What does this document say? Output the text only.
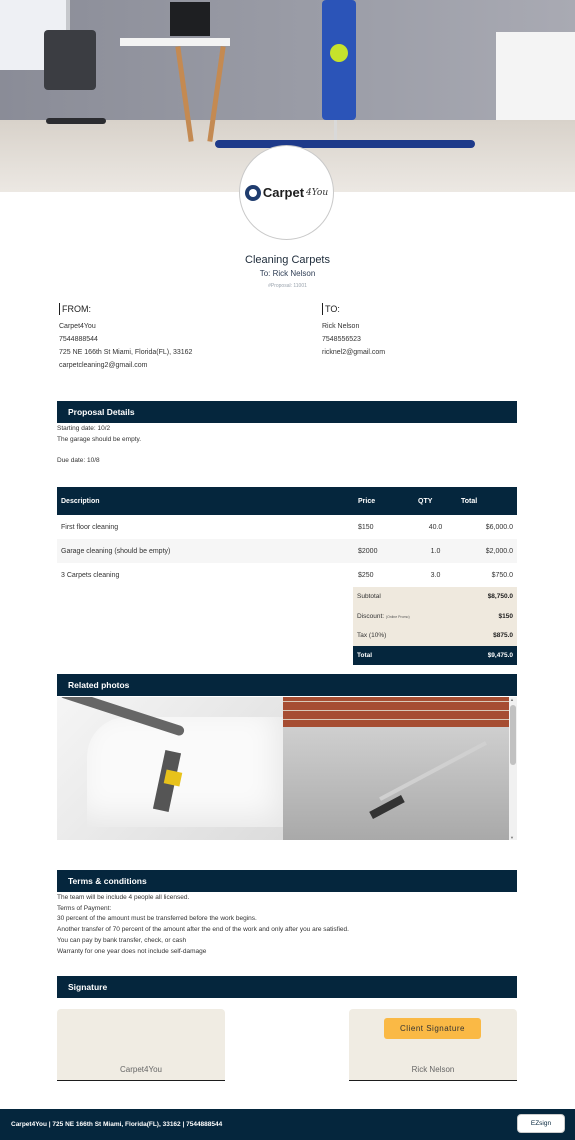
Carpet 4You
Cleaning Carpets
To: Rick Nelson
#Proposal: 11001
FROM:
Carpet4You
7544888544
725 NE 166th St Miami, Florida(FL), 33162
carpetcleaning2@gmail.com
TO:
Rick Nelson
7548556523
ricknel2@gmail.com
Proposal Details
Starting date: 10/2
The garage should be empty.
Due date: 10/8
Description	Price	QTY	Total
First floor cleaning	$150	40.0	$6,000.0
Garage cleaning (should be empty)	$2000	1.0	$2,000.0
3 Carpets cleaning	$250	3.0	$750.0
Subtotal	$8,750.0
Discount: (Online Promo)	$150
Tax (10%)	$875.0
Total	$9,475.0
Related photos
▲
▼
Terms & conditions
The team will be include 4 people all licensed.
Terms of Payment:
30 percent of the amount must be transferred before the work begins.
Another transfer of 70 percent of the amount after the end of the work and only after you are satisfied.
You can pay by bank transfer, check, or cash
Warranty for one year does not include self-damage
Signature
Carpet4You
Client Signature
Rick Nelson
Carpet4You | 725 NE 166th St Miami, Florida(FL), 33162 | 7544888544	EZsign
